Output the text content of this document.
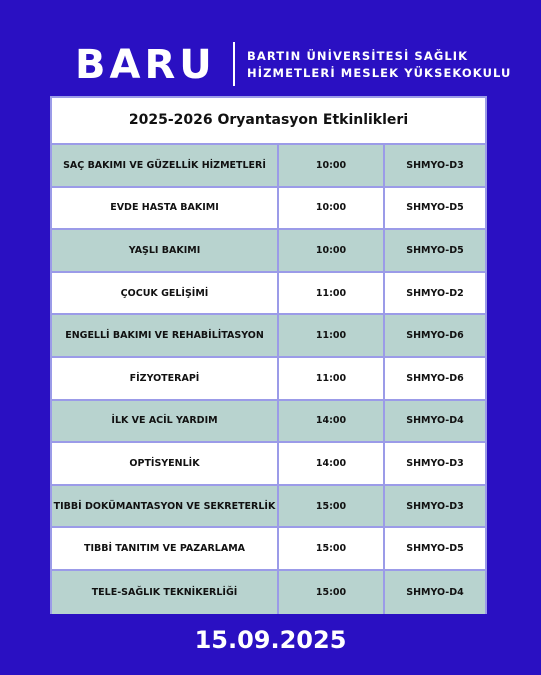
BARU	BARTIN ÜNİVERSİTESİ SAĞLIK
HİZMETLERİ MESLEK YÜKSEKOKULU
2025-2026 Oryantasyon Etkinlikleri
SAÇ BAKIMI VE GÜZELLİK HİZMETLERİ	10:00	SHMYO-D3
EVDE HASTA BAKIMI	10:00	SHMYO-D5
YAŞLI BAKIMI	10:00	SHMYO-D5
ÇOCUK GELİŞİMİ	11:00	SHMYO-D2
ENGELLİ BAKIMI VE REHABİLİTASYON	11:00	SHMYO-D6
FİZYOTERAPİ	11:00	SHMYO-D6
İLK VE ACİL YARDIM	14:00	SHMYO-D4
OPTİSYENLİK	14:00	SHMYO-D3
TIBBİ DOKÜMANTASYON VE SEKRETERLİK	15:00	SHMYO-D3
TIBBİ TANITIM VE PAZARLAMA	15:00	SHMYO-D5
TELE-SAĞLIK TEKNİKERLİĞİ	15:00	SHMYO-D4
15.09.2025
